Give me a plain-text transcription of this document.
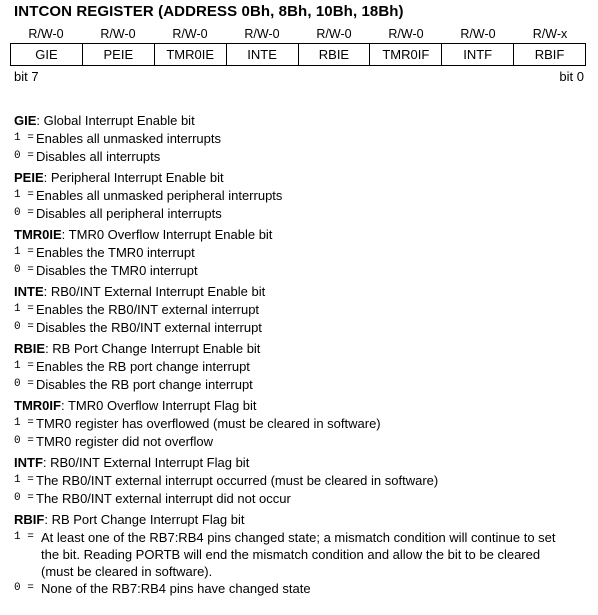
INTCON REGISTER (ADDRESS 0Bh, 8Bh, 10Bh, 18Bh)
R/W-0	R/W-0	R/W-0	R/W-0	R/W-0	R/W-0	R/W-0	R/W-x
GIE	PEIE	TMR0IE	INTE	RBIE	TMR0IF	INTF	RBIF
bit 7	bit 0
GIE: Global Interrupt Enable bit
1 = Enables all unmasked interrupts
0 = Disables all interrupts
PEIE: Peripheral Interrupt Enable bit
1 = Enables all unmasked peripheral interrupts
0 = Disables all peripheral interrupts
TMR0IE: TMR0 Overflow Interrupt Enable bit
1 = Enables the TMR0 interrupt
0 = Disables the TMR0 interrupt
INTE: RB0/INT External Interrupt Enable bit
1 = Enables the RB0/INT external interrupt
0 = Disables the RB0/INT external interrupt
RBIE: RB Port Change Interrupt Enable bit
1 = Enables the RB port change interrupt
0 = Disables the RB port change interrupt
TMR0IF: TMR0 Overflow Interrupt Flag bit
1 = TMR0 register has overflowed (must be cleared in software)
0 = TMR0 register did not overflow
INTF: RB0/INT External Interrupt Flag bit
1 = The RB0/INT external interrupt occurred (must be cleared in software)
0 = The RB0/INT external interrupt did not occur
RBIF: RB Port Change Interrupt Flag bit
1 = At least one of the RB7:RB4 pins changed state; a mismatch condition will continue to set the bit. Reading PORTB will end the mismatch condition and allow the bit to be cleared (must be cleared in software).
0 = None of the RB7:RB4 pins have changed state
